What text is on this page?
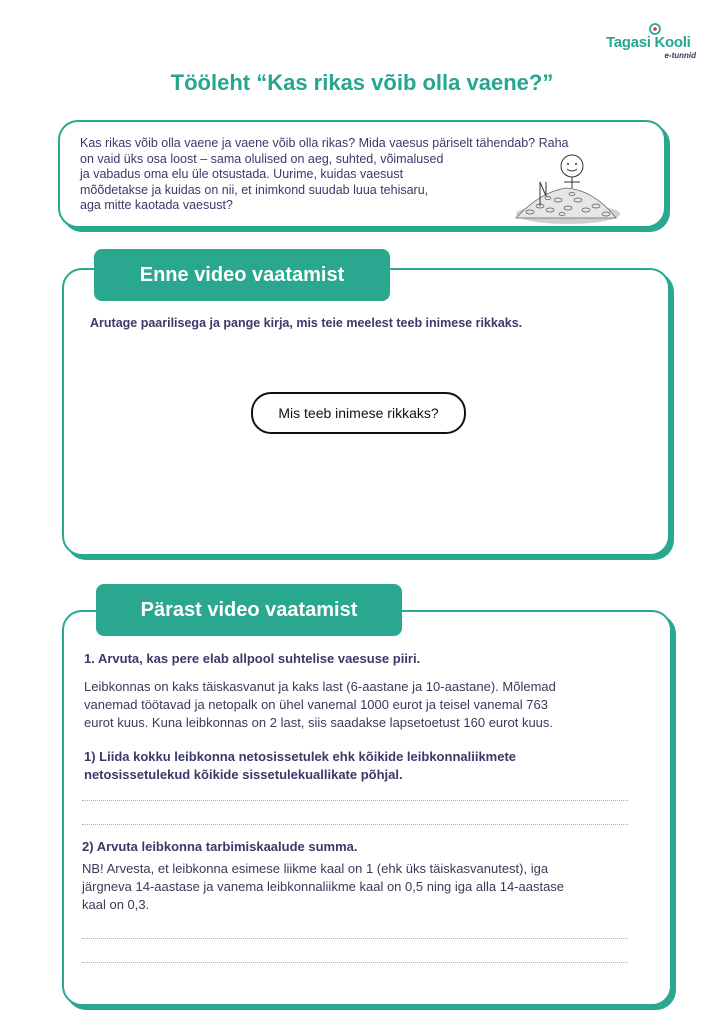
Tagasi Kooli
e-tunnid
Tööleht “Kas rikas võib olla vaene?”
Kas rikas võib olla vaene ja vaene võib olla rikas? Mida vaesus päriselt tähendab? Raha
on vaid üks osa loost – sama olulised on aeg, suhted, võimalused
ja vabadus oma elu üle otsustada. Uurime, kuidas vaesust
mõõdetakse ja kuidas on nii, et inimkond suudab luua tehisaru,
aga mitte kaotada vaesust?
Enne video vaatamist
Arutage paarilisega ja pange kirja, mis teie meelest teeb inimese rikkaks.
Mis teeb inimese rikkaks?
Pärast video vaatamist
1. Arvuta, kas pere elab allpool suhtelise vaesuse piiri.
Leibkonnas on kaks täiskasvanut ja kaks last (6-aastane ja 10-aastane). Mõlemad
vanemad töötavad ja netopalk on ühel vanemal 1000 eurot ja teisel vanemal 763
eurot kuus. Kuna leibkonnas on 2 last, siis saadakse lapsetoetust 160 eurot kuus.
1) Liida kokku leibkonna netosissetulek ehk kõikide leibkonnaliikmete
netosissetulekud kõikide sissetulekuallikate põhjal.
2) Arvuta leibkonna tarbimiskaalude summa.
NB! Arvesta, et leibkonna esimese liikme kaal on 1 (ehk üks täiskasvanutest), iga
järgneva 14-aastase ja vanema leibkonnaliikme kaal on 0,5 ning iga alla 14-aastase
kaal on 0,3.
